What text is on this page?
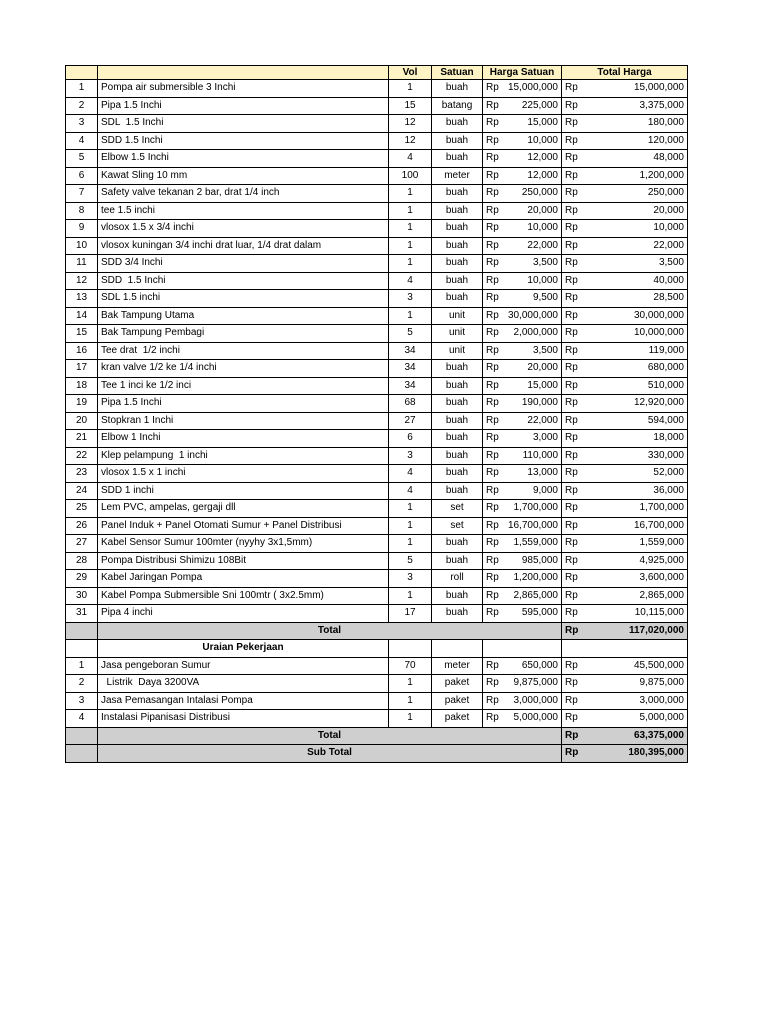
		Vol	Satuan	Harga Satuan	Total Harga
1	Pompa air submersible 3 Inchi	1	buah	Rp 15,000,000	Rp 15,000,000

2	Pipa 1.5 Inchi	15	batang	Rp 225,000	Rp 3,375,000

3	SDL  1.5 Inchi	12	buah	Rp 15,000	Rp 180,000

4	SDD 1.5 Inchi	12	buah	Rp 10,000	Rp 120,000

5	Elbow 1.5 Inchi	4	buah	Rp 12,000	Rp 48,000

6	Kawat Sling 10 mm	100	meter	Rp 12,000	Rp 1,200,000

7	Safety valve tekanan 2 bar, drat 1/4 inch	1	buah	Rp 250,000	Rp 250,000

8	tee 1.5 inchi	1	buah	Rp 20,000	Rp 20,000

9	vlosox 1.5 x 3/4 inchi	1	buah	Rp 10,000	Rp 10,000

10	vlosox kuningan 3/4 inchi drat luar, 1/4 drat dalam	1	buah	Rp 22,000	Rp 22,000

11	SDD 3/4 Inchi	1	buah	Rp 3,500	Rp 3,500

12	SDD  1.5 Inchi	4	buah	Rp 10,000	Rp 40,000

13	SDL 1.5 inchi	3	buah	Rp 9,500	Rp 28,500

14	Bak Tampung Utama	1	unit	Rp 30,000,000	Rp 30,000,000

15	Bak Tampung Pembagi	5	unit	Rp 2,000,000	Rp 10,000,000

16	Tee drat  1/2 inchi	34	unit	Rp 3,500	Rp 119,000

17	kran valve 1/2 ke 1/4 inchi	34	buah	Rp 20,000	Rp 680,000

18	Tee 1 inci ke 1/2 inci	34	buah	Rp 15,000	Rp 510,000

19	Pipa 1.5 Inchi	68	buah	Rp 190,000	Rp 12,920,000

20	Stopkran 1 Inchi	27	buah	Rp 22,000	Rp 594,000

21	Elbow 1 Inchi	6	buah	Rp 3,000	Rp 18,000

22	Klep pelampung  1 inchi	3	buah	Rp 110,000	Rp 330,000

23	vlosox 1.5 x 1 inchi	4	buah	Rp 13,000	Rp 52,000

24	SDD 1 inchi	4	buah	Rp 9,000	Rp 36,000

25	Lem PVC, ampelas, gergaji dll	1	set	Rp 1,700,000	Rp 1,700,000

26	Panel Induk + Panel Otomati Sumur + Panel Distribusi	1	set	Rp 16,700,000	Rp 16,700,000

27	Kabel Sensor Sumur 100mter (nyyhy 3x1,5mm)	1	buah	Rp 1,559,000	Rp 1,559,000

28	Pompa Distribusi Shimizu 108Bit	5	buah	Rp 985,000	Rp 4,925,000

29	Kabel Jaringan Pompa	3	roll	Rp 1,200,000	Rp 3,600,000

30	Kabel Pompa Submersible Sni 100mtr ( 3x2.5mm)	1	buah	Rp 2,865,000	Rp 2,865,000

31	Pipa 4 inchi	17	buah	Rp 595,000	Rp 10,115,000

	Total				Rp 117,020,000

	Uraian Pekerjaan				
1	Jasa pengeboran Sumur	70	meter	Rp 650,000	Rp 45,500,000

2	Listrik  Daya 3200VA	1	paket	Rp 9,875,000	Rp 9,875,000

3	Jasa Pemasangan Intalasi Pompa	1	paket	Rp 3,000,000	Rp 3,000,000

4	Instalasi Pipanisasi Distribusi	1	paket	Rp 5,000,000	Rp 5,000,000

	Total				Rp 63,375,000

	Sub Total				Rp 180,395,000
